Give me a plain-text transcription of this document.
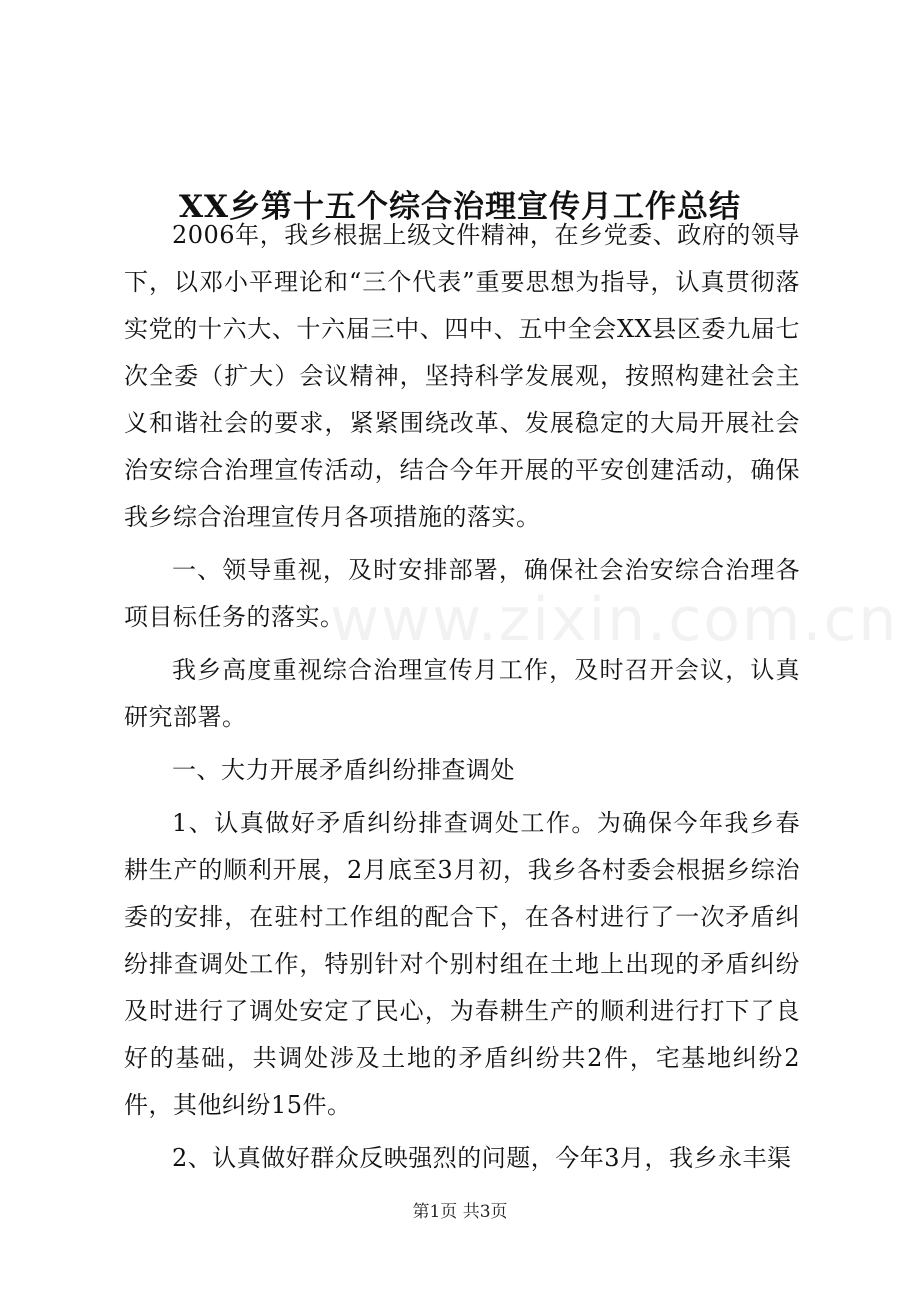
www.zixin.com.cn
XX乡第十五个综合治理宣传月工作总结

2006年，我乡根据上级文件精神，在乡党委、政府的领导下，以邓小平理论和“三个代表”重要思想为指导，认真贯彻落实党的十六大、十六届三中、四中、五中全会XX县区委九届七次全委（扩大）会议精神，坚持科学发展观，按照构建社会主义和谐社会的要求，紧紧围绕改革、发展稳定的大局开展社会治安综合治理宣传活动，结合今年开展的平安创建活动，确保我乡综合治理宣传月各项措施的落实。

一、领导重视，及时安排部署，确保社会治安综合治理各项目标任务的落实。

我乡高度重视综合治理宣传月工作，及时召开会议，认真研究部署。

一、大力开展矛盾纠纷排查调处

1、认真做好矛盾纠纷排查调处工作。为确保今年我乡春耕生产的顺利开展，2月底至3月初，我乡各村委会根据乡综治委的安排，在驻村工作组的配合下，在各村进行了一次矛盾纠纷排查调处工作，特别针对个别村组在土地上出现的矛盾纠纷及时进行了调处安定了民心，为春耕生产的顺利进行打下了良好的基础，共调处涉及土地的矛盾纠纷共2件，宅基地纠纷2件，其他纠纷15件。

2、认真做好群众反映强烈的问题，今年3月，我乡永丰渠

第1页 共3页
